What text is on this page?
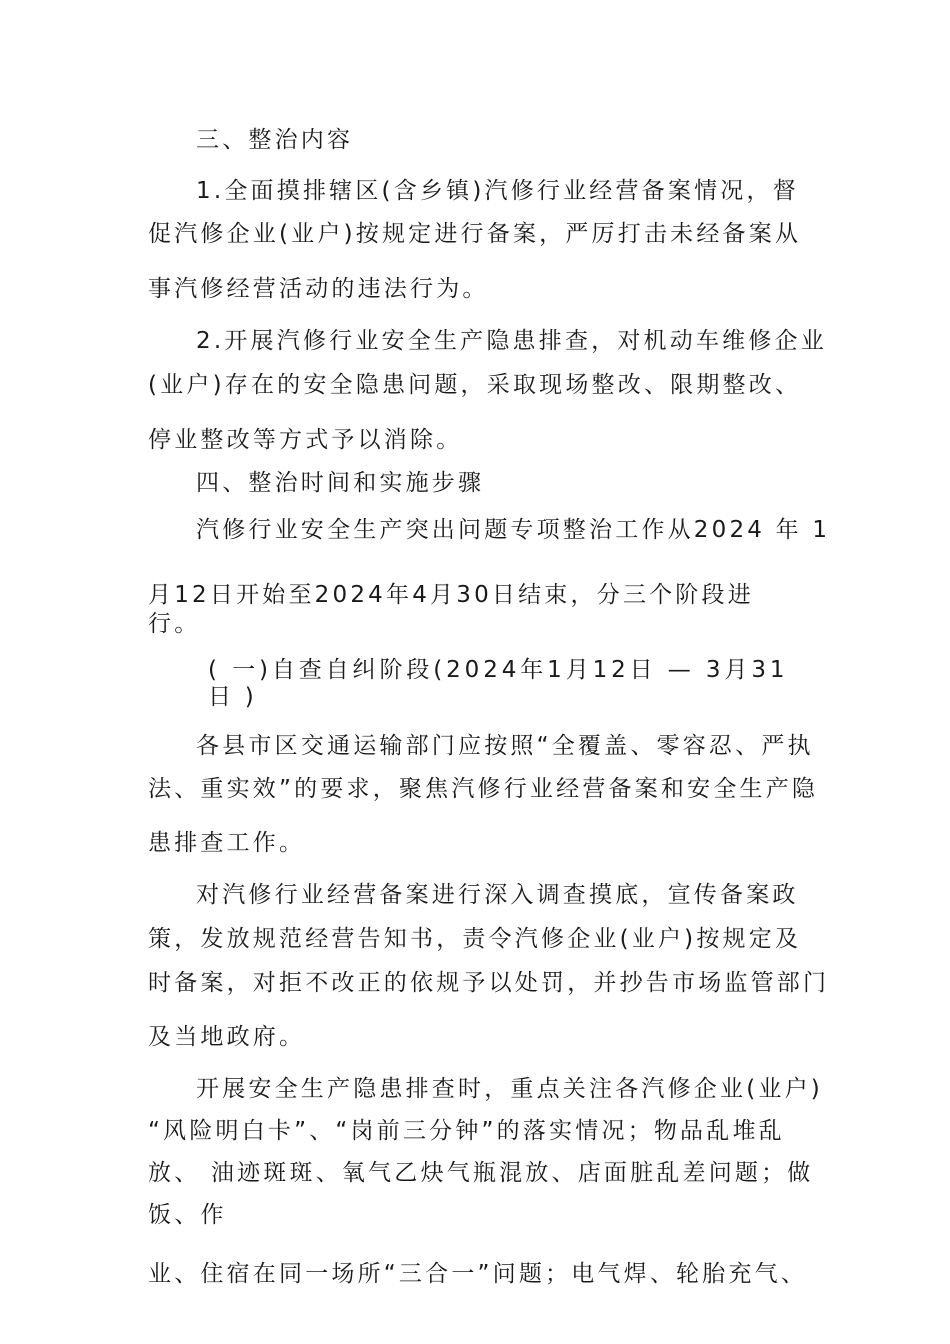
三、整治内容
1.全面摸排辖区(含乡镇)汽修行业经营备案情况，督
促汽修企业(业户)按规定进行备案，严厉打击未经备案从
事汽修经营活动的违法行为。
2.开展汽修行业安全生产隐患排查，对机动车维修企业
(业户)存在的安全隐患问题，采取现场整改、限期整改、
停业整改等方式予以消除。
四、整治时间和实施步骤
汽修行业安全生产突出问题专项整治工作从2024 年 1
月12日开始至2024年4月30日结束，分三个阶段进
行。
( 一)自查自纠阶段(2024年1月12日 — 3月31
日 )
各县市区交通运输部门应按照“全覆盖、零容忍、严执
法、重实效”的要求，聚焦汽修行业经营备案和安全生产隐
患排查工作。
对汽修行业经营备案进行深入调查摸底，宣传备案政
策，发放规范经营告知书，责令汽修企业(业户)按规定及
时备案，对拒不改正的依规予以处罚，并抄告市场监管部门
及当地政府。
开展安全生产隐患排查时，重点关注各汽修企业(业户)
“风险明白卡”、“岗前三分钟”的落实情况；物品乱堆乱
放、 油迹斑斑、氧气乙炔气瓶混放、店面脏乱差问题；做
饭、作
业、住宿在同一场所“三合一”问题；电气焊、轮胎充气、
